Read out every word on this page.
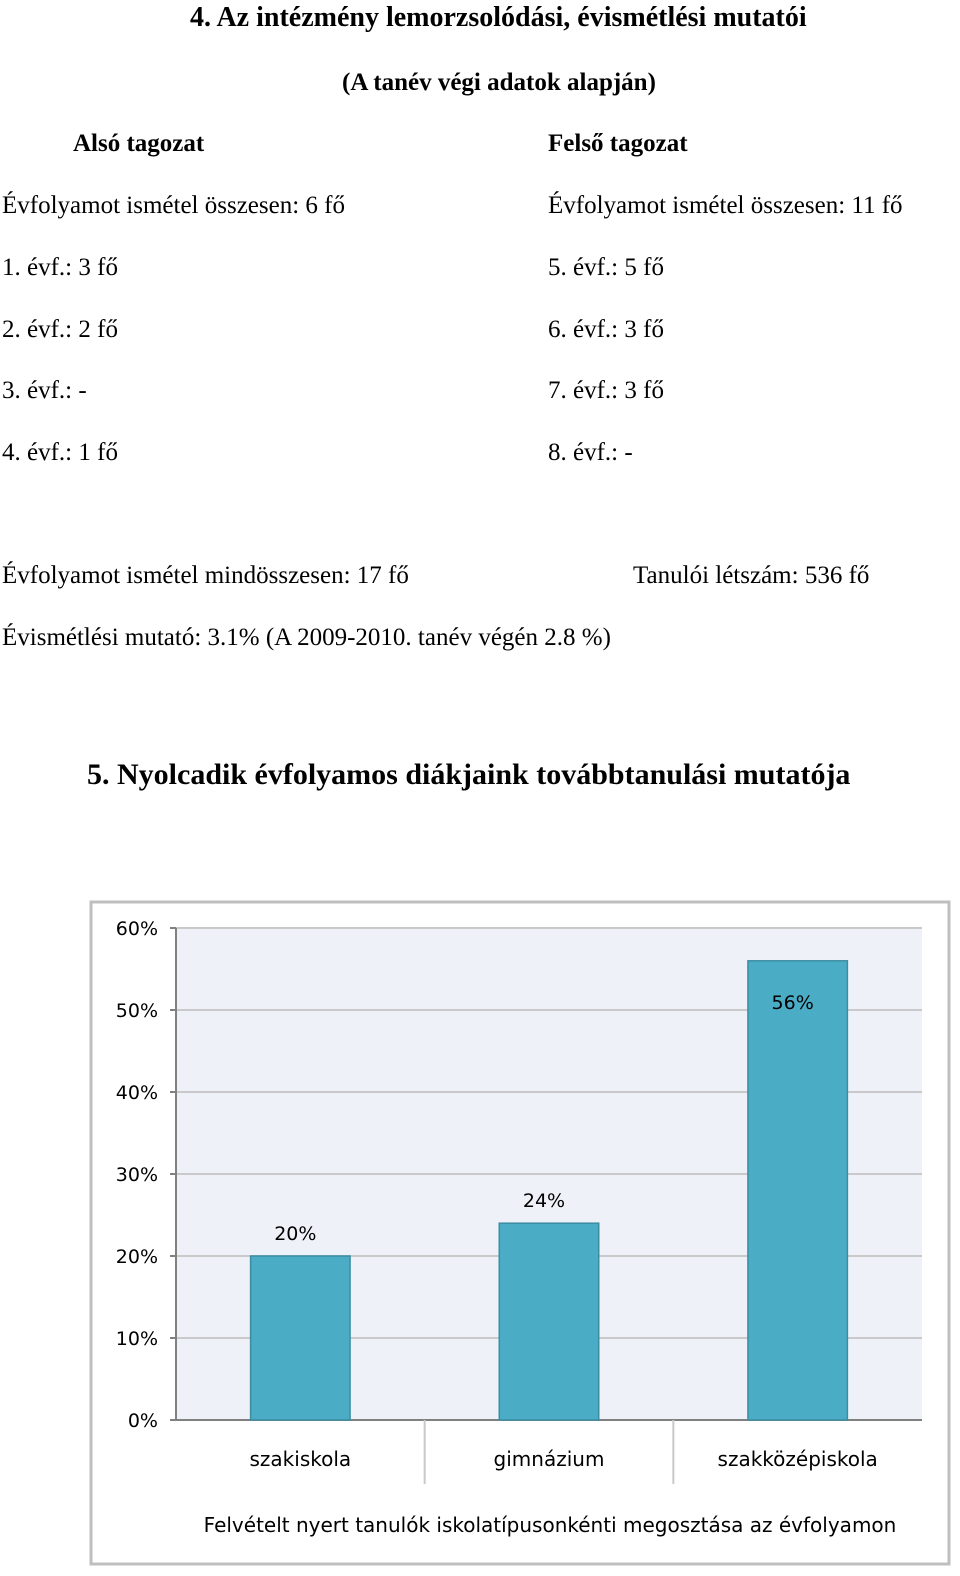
4. Az intézmény lemorzsolódási, évismétlési mutatói
(A tanév végi adatok alapján)
Alsó tagozat	Felső tagozat
Évfolyamot ismétel összesen: 6 fő	Évfolyamot ismétel összesen: 11 fő
1. évf.: 3 fő	5. évf.: 5 fő
2. évf.: 2 fő	6. évf.: 3 fő
3. évf.: -	7. évf.: 3 fő
4. évf.: 1 fő	8. évf.: -
Évfolyamot ismétel mindösszesen: 17 fő	Tanulói létszám: 536 fő
Évismétlési mutató: 3.1% (A 2009-2010. tanév végén 2.8 %)
5. Nyolcadik évfolyamos diákjaink továbbtanulási mutatója
0%
10%
20%
30%
40%
50%
60%
20%
24%
56%
szakiskola	gimnázium	szakközépiskola
Felvételt nyert tanulók iskolatípusonkénti megosztása az évfolyamon
